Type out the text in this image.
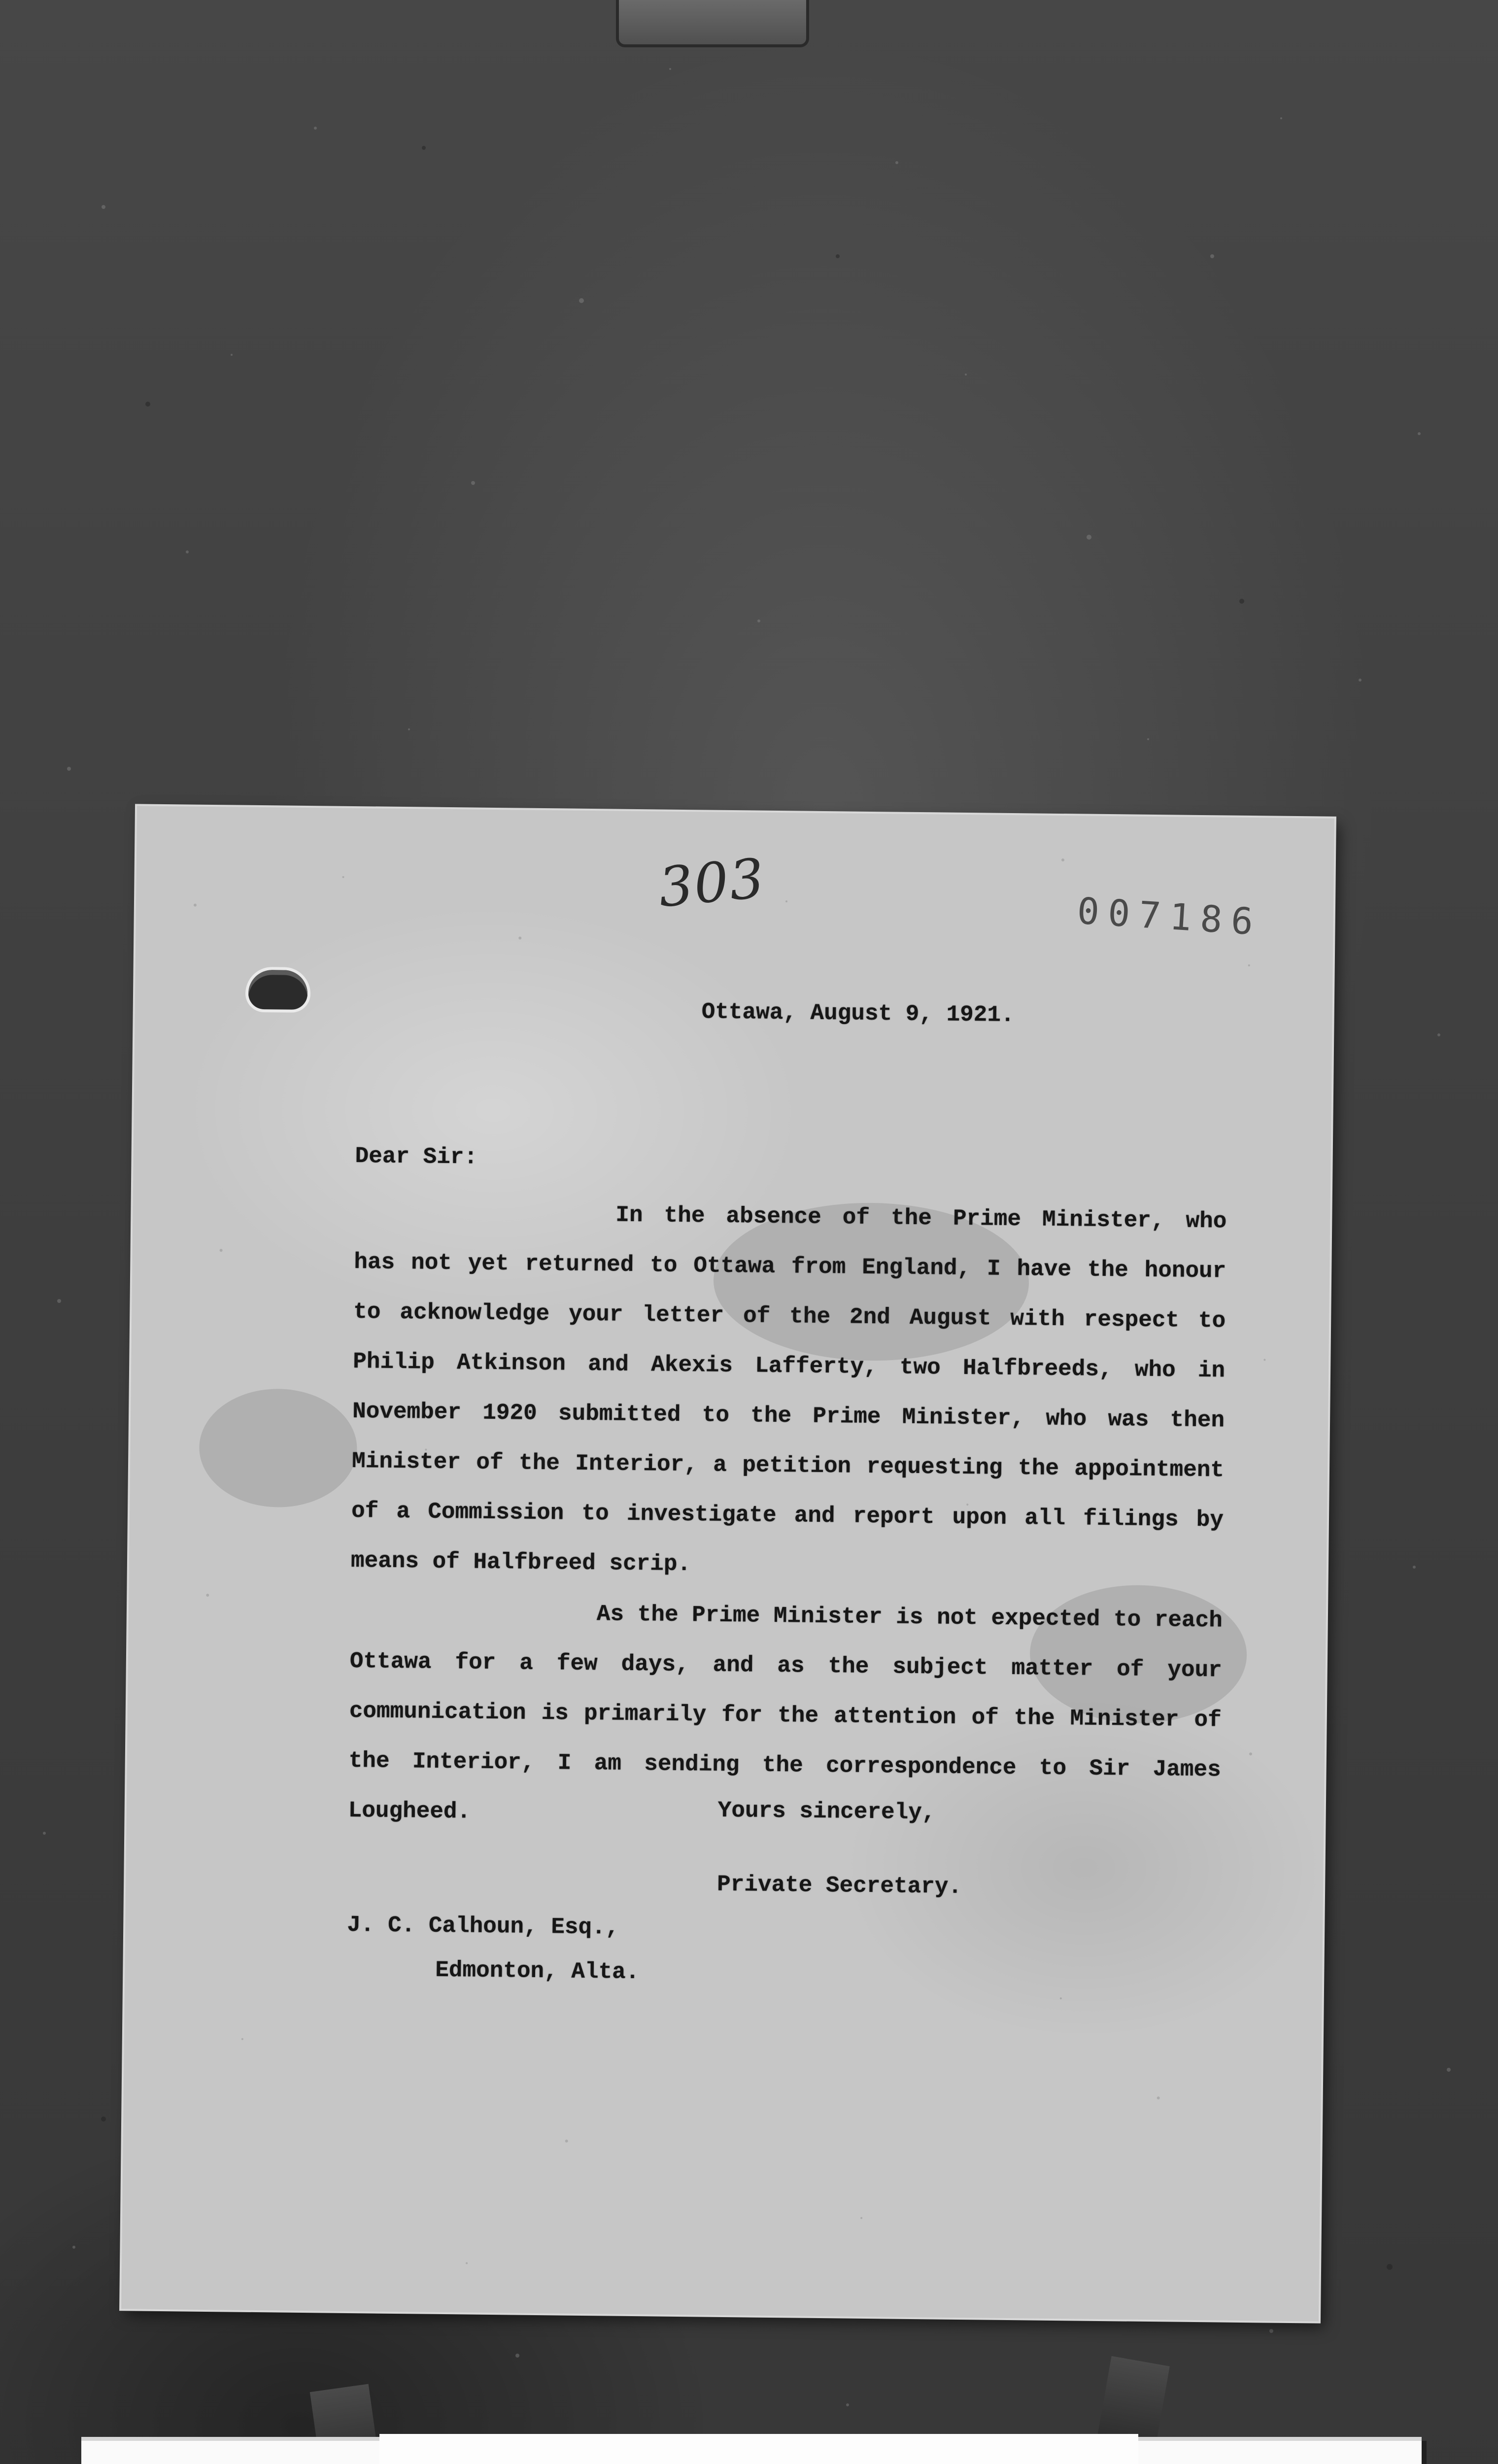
303	007186
Ottawa, August 9, 1921.
Dear Sir:
In the absence of the Prime Minister, who has not yet returned to Ottawa from England, I have the honour to acknowledge your letter of the 2nd August with respect to Philip Atkinson and Akexis Lafferty, two Halfbreeds, who in November 1920 submitted to the Prime Minister, who was then Minister of the Interior, a petition requesting the appointment of a Commission to investigate and report upon all filings by means of Halfbreed scrip.
As the Prime Minister is not expected to reach Ottawa for a few days, and as the subject matter of your communication is primarily for the attention of the Minister of the Interior, I am sending the correspondence to Sir James Lougheed.	Yours sincerely,
Private Secretary.
J. C. Calhoun, Esq.,
Edmonton, Alta.
